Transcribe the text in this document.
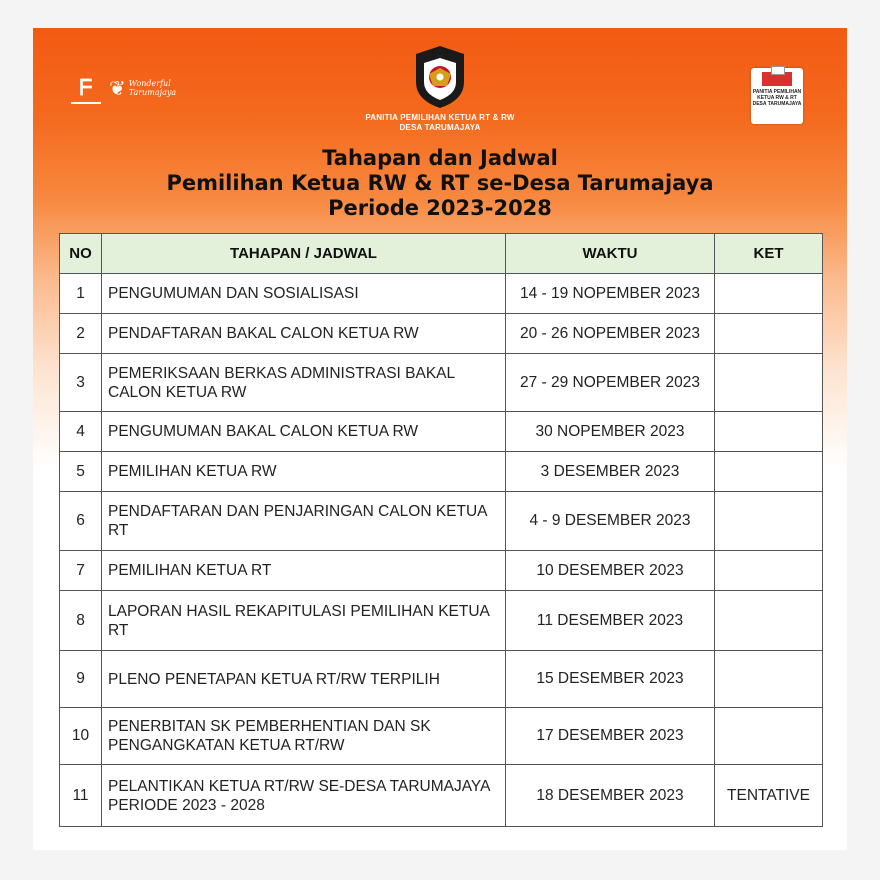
ᖴ ❦ Wonderful
Tarumajaya
PANITIA PEMILIHAN KETUA RT & RW
DESA TARUMAJAYA
PANITIA PEMILIHAN KETUA RW & RT DESA TARUMAJAYA
Tahapan dan Jadwal
Pemilihan Ketua RW & RT se-Desa Tarumajaya
Periode 2023-2028
NO	TAHAPAN / JADWAL	WAKTU	KET
1	PENGUMUMAN DAN SOSIALISASI	14 - 19 NOPEMBER 2023	
2	PENDAFTARAN BAKAL CALON KETUA RW	20 - 26 NOPEMBER 2023	
3	PEMERIKSAAN BERKAS ADMINISTRASI BAKAL CALON KETUA RW	27 - 29 NOPEMBER 2023	
4	PENGUMUMAN BAKAL CALON KETUA RW	30 NOPEMBER 2023	
5	PEMILIHAN KETUA RW	3 DESEMBER 2023	
6	PENDAFTARAN DAN PENJARINGAN CALON KETUA RT	4 - 9 DESEMBER 2023	
7	PEMILIHAN KETUA RT	10 DESEMBER 2023	
8	LAPORAN HASIL REKAPITULASI PEMILIHAN KETUA RT	11 DESEMBER 2023	
9	PLENO PENETAPAN KETUA RT/RW TERPILIH	15 DESEMBER 2023	
10	PENERBITAN SK PEMBERHENTIAN DAN SK PENGANGKATAN KETUA RT/RW	17 DESEMBER 2023	
11	PELANTIKAN KETUA RT/RW SE-DESA TARUMAJAYA PERIODE 2023 - 2028	18 DESEMBER 2023	TENTATIVE
